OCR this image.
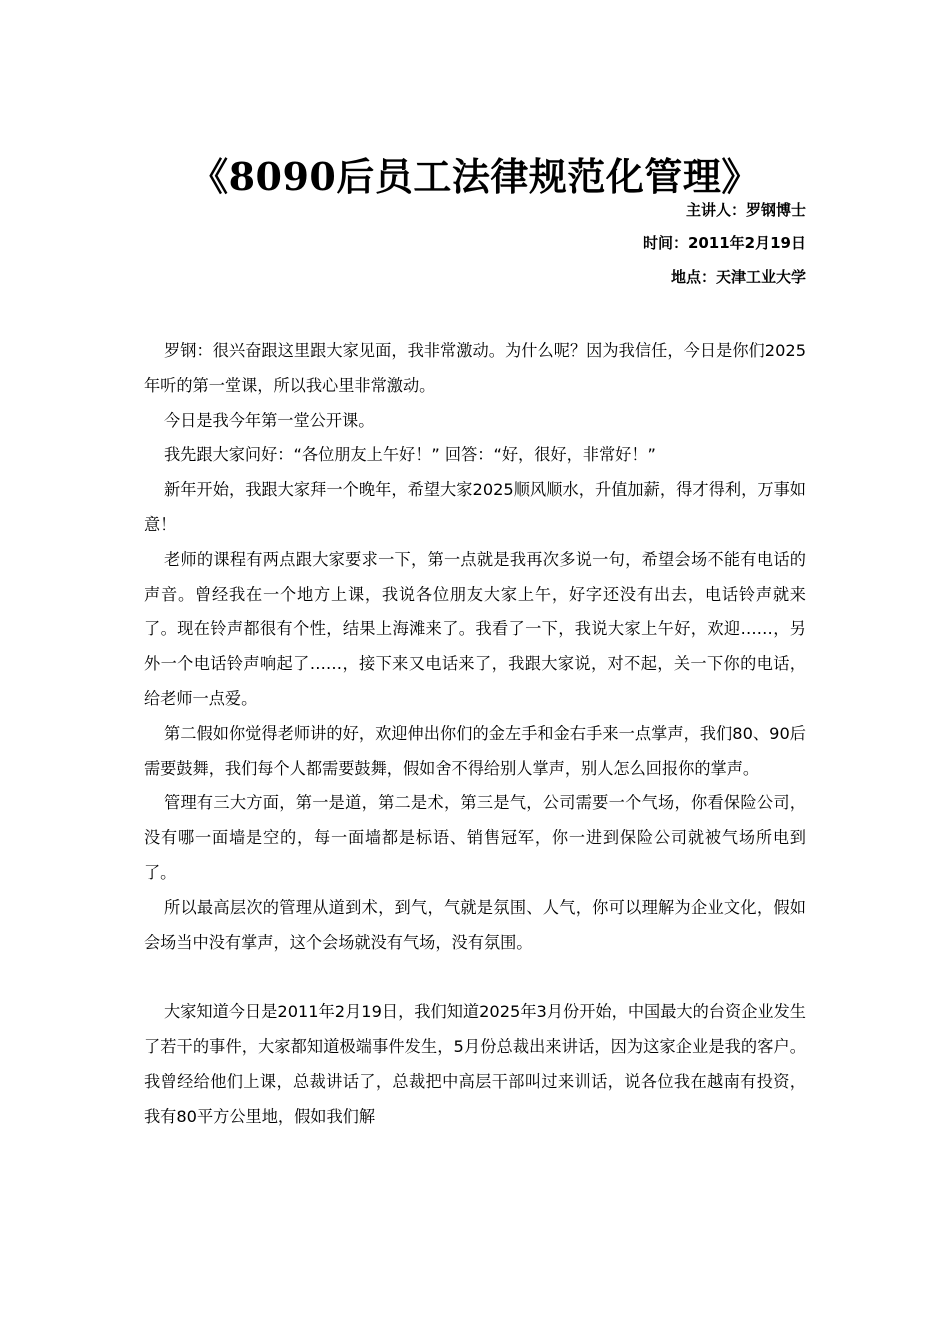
《8090后员工法律规范化管理》
主讲人：罗钢博士
时间：2011年2月19日
地点：天津工业大学

罗钢：很兴奋跟这里跟大家见面，我非常激动。为什么呢？因为我信任，今日是你们2025年听的第一堂课，所以我心里非常激动。

今日是我今年第一堂公开课。

我先跟大家问好：“各位朋友上午好！” 回答：“好，很好，非常好！”

新年开始，我跟大家拜一个晚年，希望大家2025顺风顺水，升值加薪，得才得利，万事如意！

老师的课程有两点跟大家要求一下，第一点就是我再次多说一句，希望会场不能有电话的声音。曾经我在一个地方上课，我说各位朋友大家上午，好字还没有出去，电话铃声就来了。现在铃声都很有个性，结果上海滩来了。我看了一下，我说大家上午好，欢迎……，另外一个电话铃声响起了……，接下来又电话来了，我跟大家说，对不起，关一下你的电话，给老师一点爱。

第二假如你觉得老师讲的好，欢迎伸出你们的金左手和金右手来一点掌声，我们80、90后需要鼓舞，我们每个人都需要鼓舞，假如舍不得给别人掌声，别人怎么回报你的掌声。

管理有三大方面，第一是道，第二是术，第三是气，公司需要一个气场，你看保险公司，没有哪一面墙是空的，每一面墙都是标语、销售冠军，你一进到保险公司就被气场所电到了。

所以最高层次的管理从道到术，到气，气就是氛围、人气，你可以理解为企业文化，假如会场当中没有掌声，这个会场就没有气场，没有氛围。

大家知道今日是2011年2月19日，我们知道2025年3月份开始，中国最大的台资企业发生了若干的事件，大家都知道极端事件发生，5月份总裁出来讲话，因为这家企业是我的客户。我曾经给他们上课，总裁讲话了，总裁把中高层干部叫过来训话，说各位我在越南有投资，我有80平方公里地，假如我们解
